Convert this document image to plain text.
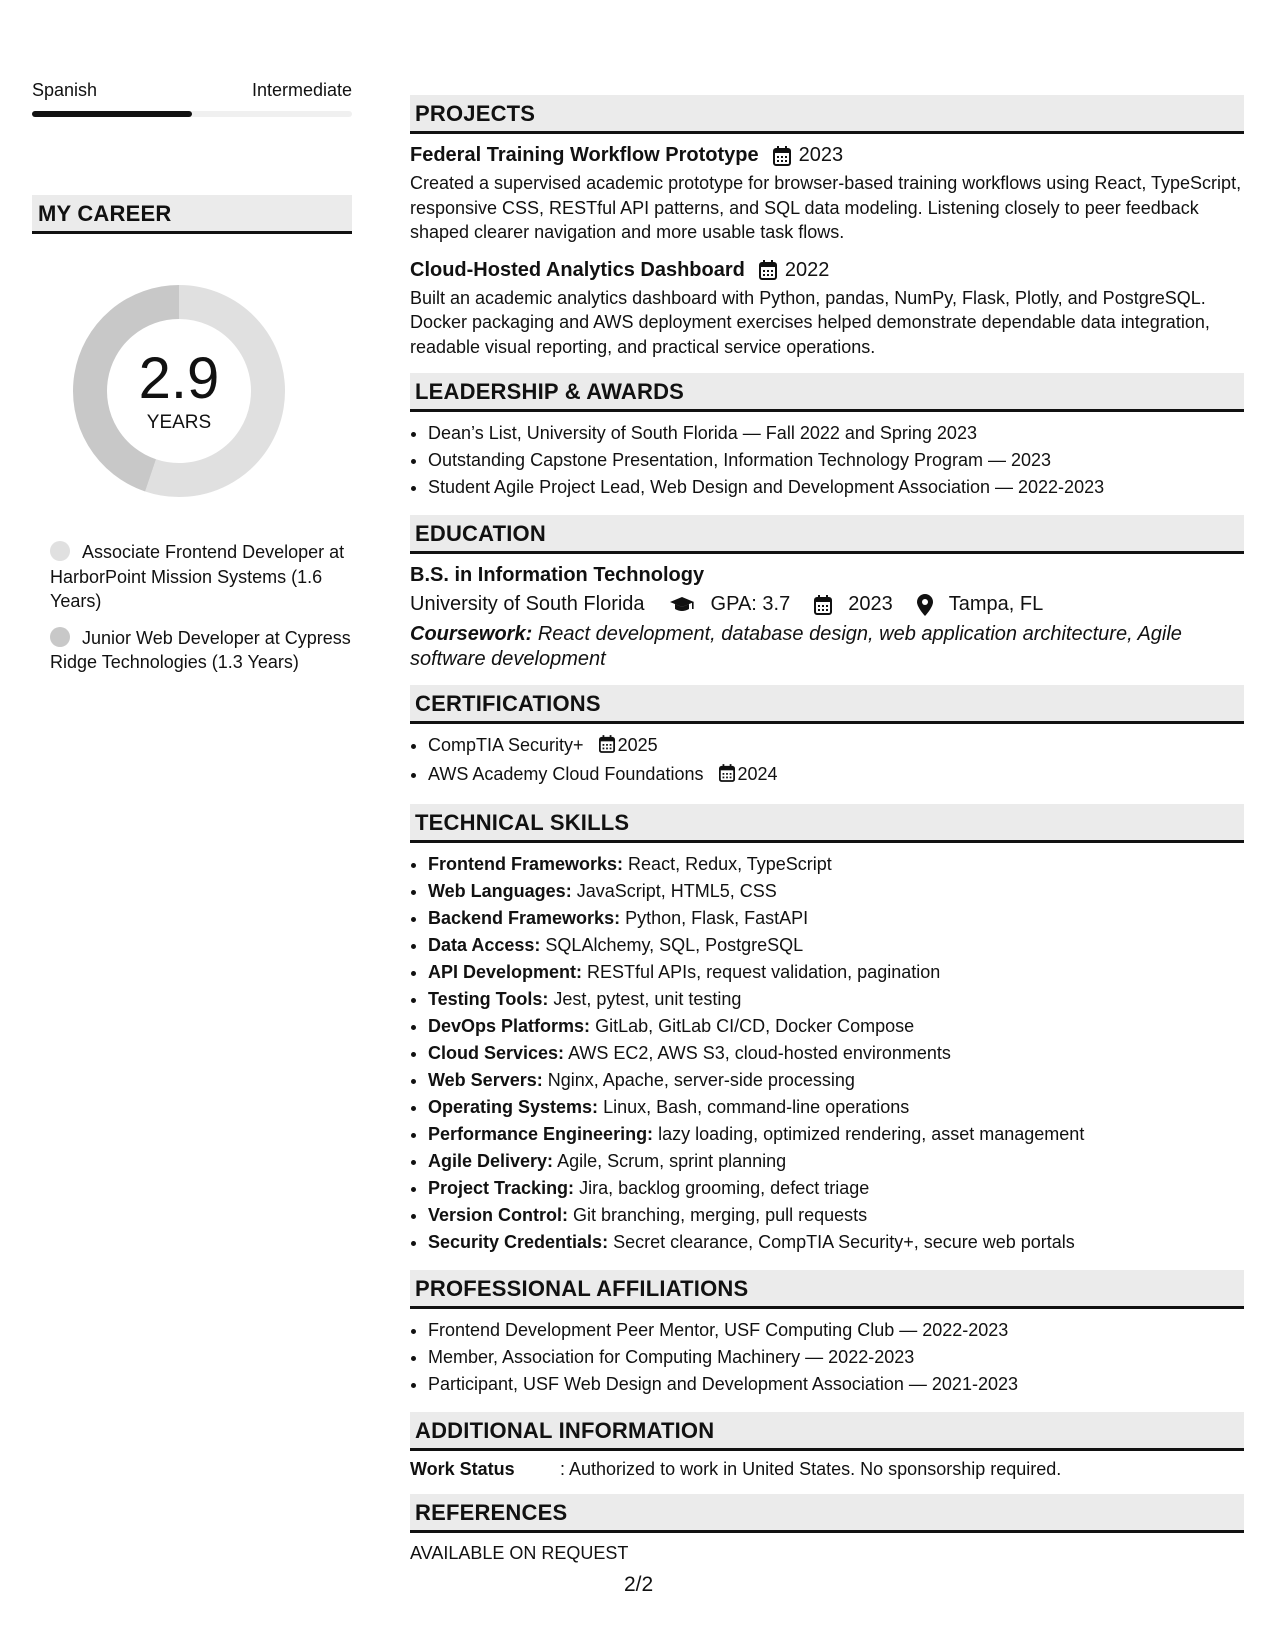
Spanish	Intermediate
MY CAREER
2.9
YEARS
Associate Frontend Developer at HarborPoint Mission Systems (1.6 Years)
Junior Web Developer at Cypress Ridge Technologies (1.3 Years)
PROJECTS
Federal Training Workflow Prototype 2023
Created a supervised academic prototype for browser-based training workflows using React, TypeScript, responsive CSS, RESTful API patterns, and SQL data modeling. Listening closely to peer feedback shaped clearer navigation and more usable task flows.
Cloud-Hosted Analytics Dashboard 2022
Built an academic analytics dashboard with Python, pandas, NumPy, Flask, Plotly, and PostgreSQL. Docker packaging and AWS deployment exercises helped demonstrate dependable data integration, readable visual reporting, and practical service operations.
LEADERSHIP & AWARDS
• Dean’s List, University of South Florida — Fall 2022 and Spring 2023
• Outstanding Capstone Presentation, Information Technology Program — 2023
• Student Agile Project Lead, Web Design and Development Association — 2022-2023
EDUCATION
B.S. in Information Technology
University of South Florida	GPA: 3.7	2023	Tampa, FL
Coursework: React development, database design, web application architecture, Agile software development
CERTIFICATIONS
• CompTIA Security+ 2025
• AWS Academy Cloud Foundations 2024
TECHNICAL SKILLS
• Frontend Frameworks: React, Redux, TypeScript
• Web Languages: JavaScript, HTML5, CSS
• Backend Frameworks: Python, Flask, FastAPI
• Data Access: SQLAlchemy, SQL, PostgreSQL
• API Development: RESTful APIs, request validation, pagination
• Testing Tools: Jest, pytest, unit testing
• DevOps Platforms: GitLab, GitLab CI/CD, Docker Compose
• Cloud Services: AWS EC2, AWS S3, cloud-hosted environments
• Web Servers: Nginx, Apache, server-side processing
• Operating Systems: Linux, Bash, command-line operations
• Performance Engineering: lazy loading, optimized rendering, asset management
• Agile Delivery: Agile, Scrum, sprint planning
• Project Tracking: Jira, backlog grooming, defect triage
• Version Control: Git branching, merging, pull requests
• Security Credentials: Secret clearance, CompTIA Security+, secure web portals
PROFESSIONAL AFFILIATIONS
• Frontend Development Peer Mentor, USF Computing Club — 2022-2023
• Member, Association for Computing Machinery — 2022-2023
• Participant, USF Web Design and Development Association — 2021-2023
ADDITIONAL INFORMATION
Work Status	: Authorized to work in United States. No sponsorship required.
REFERENCES
AVAILABLE ON REQUEST
2/2
